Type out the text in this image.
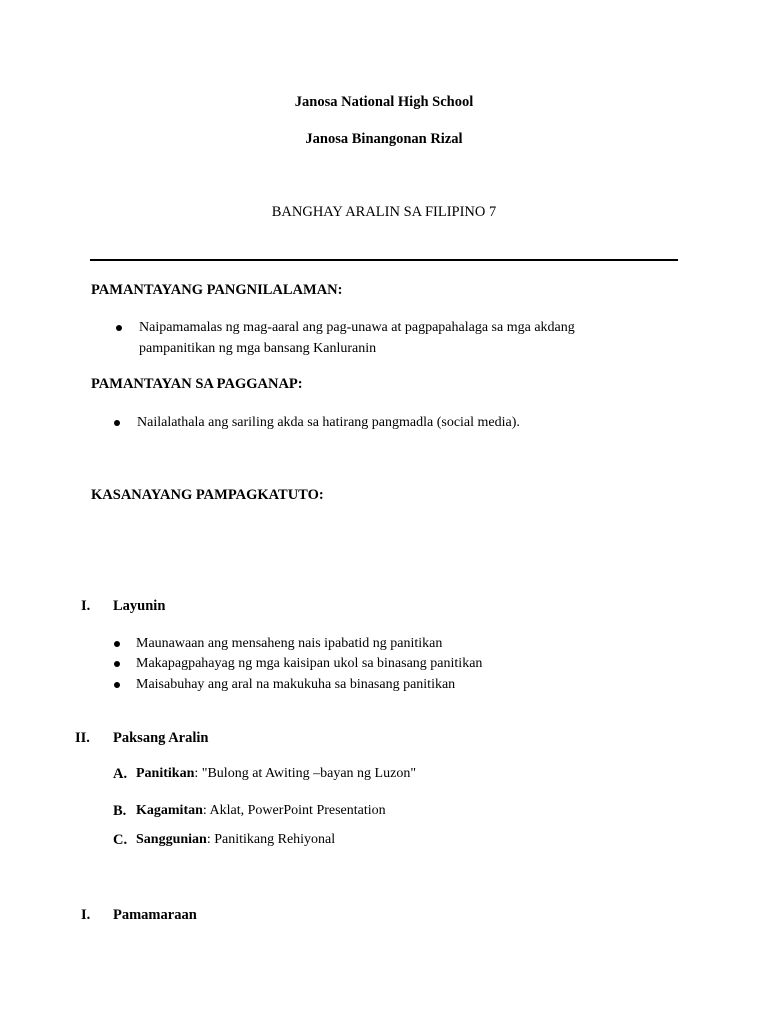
Janosa National High School
Janosa Binangonan Rizal
BANGHAY ARALIN SA FILIPINO 7
PAMANTAYANG PANGNILALAMAN:
Naipamamalas ng mag-aaral ang pag-unawa at pagpapahalaga sa mga akdang
pampanitikan ng mga bansang Kanluranin
PAMANTAYAN SA PAGGANAP:
Nailalathala ang sariling akda sa hatirang pangmadla (social media).
KASANAYANG PAMPAGKATUTO:
I. Layunin
Maunawaan ang mensaheng nais ipabatid ng panitikan
Makapagpahayag ng mga kaisipan ukol sa binasang panitikan
Maisabuhay ang aral na makukuha sa binasang panitikan
II. Paksang Aralin
A. Panitikan: "Bulong at Awiting –bayan ng Luzon"
B. Kagamitan: Aklat, PowerPoint Presentation
C. Sanggunian: Panitikang Rehiyonal
I. Pamamaraan
